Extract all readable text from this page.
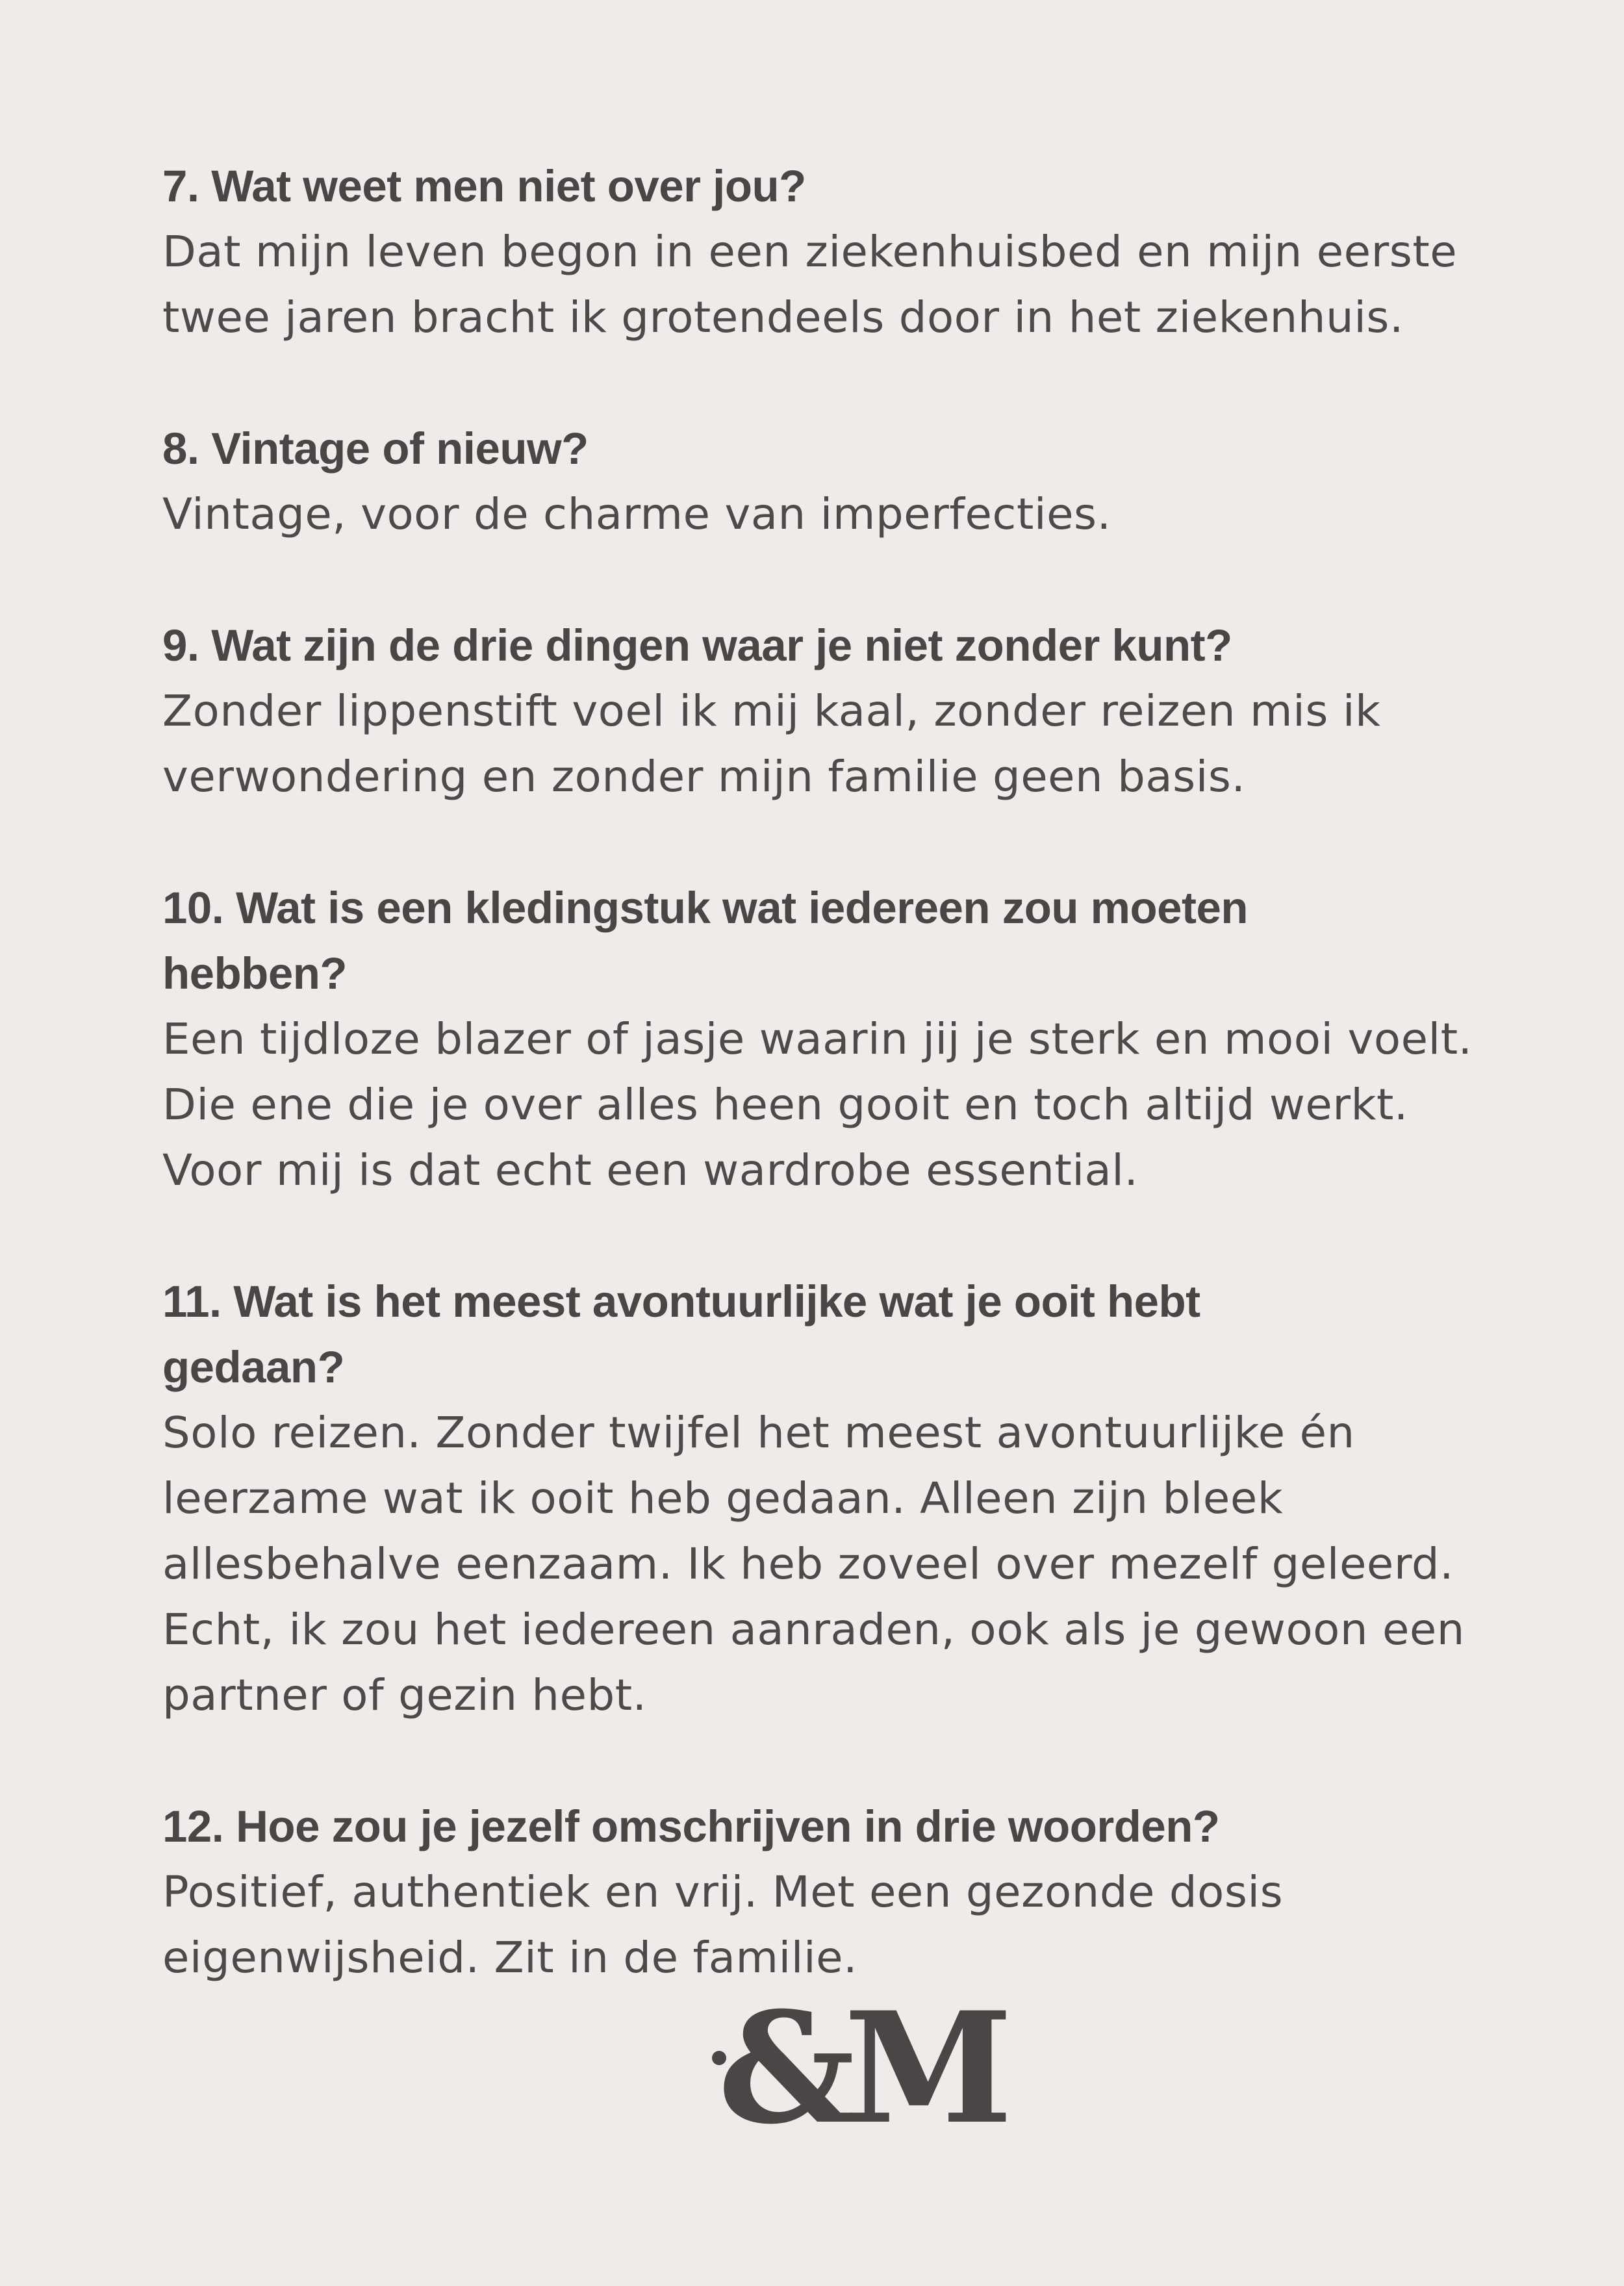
7. Wat weet men niet over jou?

Dat mijn leven begon in een ziekenhuisbed en mijn eerste

twee jaren bracht ik grotendeels door in het ziekenhuis.

8. Vintage of nieuw?

Vintage, voor de charme van imperfecties.

9. Wat zijn de drie dingen waar je niet zonder kunt?

Zonder lippenstift voel ik mij kaal, zonder reizen mis ik

verwondering en zonder mijn familie geen basis.

10. Wat is een kledingstuk wat iedereen zou moeten

hebben?

Een tijdloze blazer of jasje waarin jij je sterk en mooi voelt.

Die ene die je over alles heen gooit en toch altijd werkt.

Voor mij is dat echt een wardrobe essential.

11. Wat is het meest avontuurlijke wat je ooit hebt

gedaan?

Solo reizen. Zonder twijfel het meest avontuurlijke én

leerzame wat ik ooit heb gedaan. Alleen zijn bleek

allesbehalve eenzaam. Ik heb zoveel over mezelf geleerd.

Echt, ik zou het iedereen aanraden, ook als je gewoon een

partner of gezin hebt.

12. Hoe zou je jezelf omschrijven in drie woorden?

Positief, authentiek en vrij. Met een gezonde dosis

eigenwijsheid. Zit in de familie.

&M
